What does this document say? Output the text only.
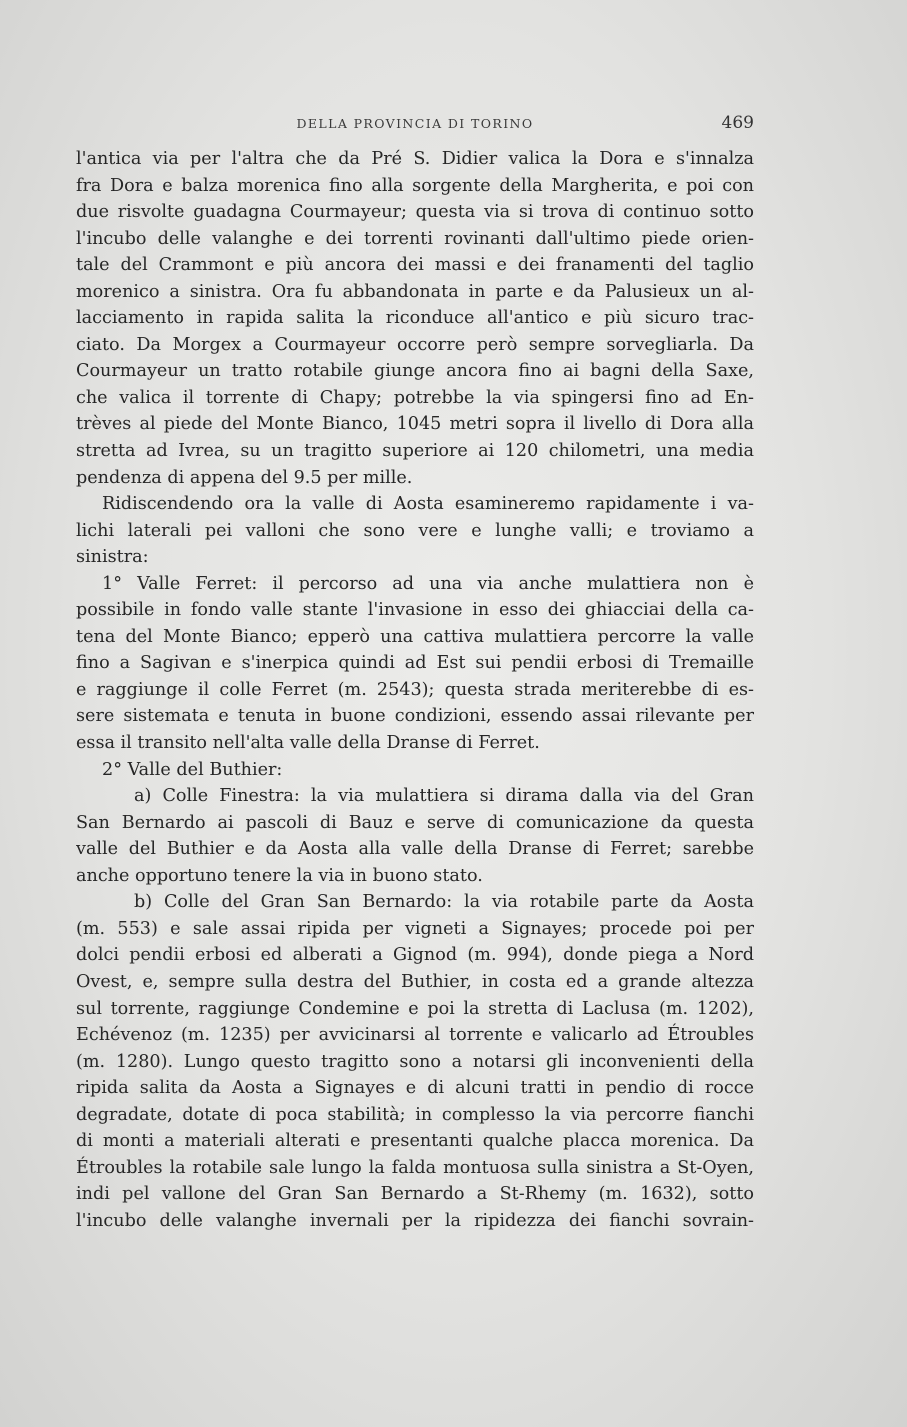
DELLA PROVINCIA DI TORINO	469
l'antica via per l'altra che da Pré S. Didier valica la Dora e s'innalza
fra Dora e balza morenica fino alla sorgente della Margherita, e poi con
due risvolte guadagna Courmayeur; questa via si trova di continuo sotto
l'incubo delle valanghe e dei torrenti rovinanti dall'ultimo piede orien-
tale del Crammont e più ancora dei massi e dei franamenti del taglio
morenico a sinistra. Ora fu abbandonata in parte e da Palusieux un al-
lacciamento in rapida salita la riconduce all'antico e più sicuro trac-
ciato. Da Morgex a Courmayeur occorre però sempre sorvegliarla. Da
Courmayeur un tratto rotabile giunge ancora fino ai bagni della Saxe,
che valica il torrente di Chapy; potrebbe la via spingersi fino ad En-
trèves al piede del Monte Bianco, 1045 metri sopra il livello di Dora alla
stretta ad Ivrea, su un tragitto superiore ai 120 chilometri, una media
pendenza di appena del 9.5 per mille.
Ridiscendendo ora la valle di Aosta esamineremo rapidamente i va-
lichi laterali pei valloni che sono vere e lunghe valli; e troviamo a
sinistra:
1° Valle Ferret: il percorso ad una via anche mulattiera non è
possibile in fondo valle stante l'invasione in esso dei ghiacciai della ca-
tena del Monte Bianco; epperò una cattiva mulattiera percorre la valle
fino a Sagivan e s'inerpica quindi ad Est sui pendii erbosi di Tremaille
e raggiunge il colle Ferret (m. 2543); questa strada meriterebbe di es-
sere sistemata e tenuta in buone condizioni, essendo assai rilevante per
essa il transito nell'alta valle della Dranse di Ferret.
2° Valle del Buthier:
a) Colle Finestra: la via mulattiera si dirama dalla via del Gran
San Bernardo ai pascoli di Bauz e serve di comunicazione da questa
valle del Buthier e da Aosta alla valle della Dranse di Ferret; sarebbe
anche opportuno tenere la via in buono stato.
b) Colle del Gran San Bernardo: la via rotabile parte da Aosta
(m. 553) e sale assai ripida per vigneti a Signayes; procede poi per
dolci pendii erbosi ed alberati a Gignod (m. 994), donde piega a Nord
Ovest, e, sempre sulla destra del Buthier, in costa ed a grande altezza
sul torrente, raggiunge Condemine e poi la stretta di Laclusa (m. 1202),
Echévenoz (m. 1235) per avvicinarsi al torrente e valicarlo ad Étroubles
(m. 1280). Lungo questo tragitto sono a notarsi gli inconvenienti della
ripida salita da Aosta a Signayes e di alcuni tratti in pendio di rocce
degradate, dotate di poca stabilità; in complesso la via percorre fianchi
di monti a materiali alterati e presentanti qualche placca morenica. Da
Étroubles la rotabile sale lungo la falda montuosa sulla sinistra a St-Oyen,
indi pel vallone del Gran San Bernardo a St-Rhemy (m. 1632), sotto
l'incubo delle valanghe invernali per la ripidezza dei fianchi sovrain-
